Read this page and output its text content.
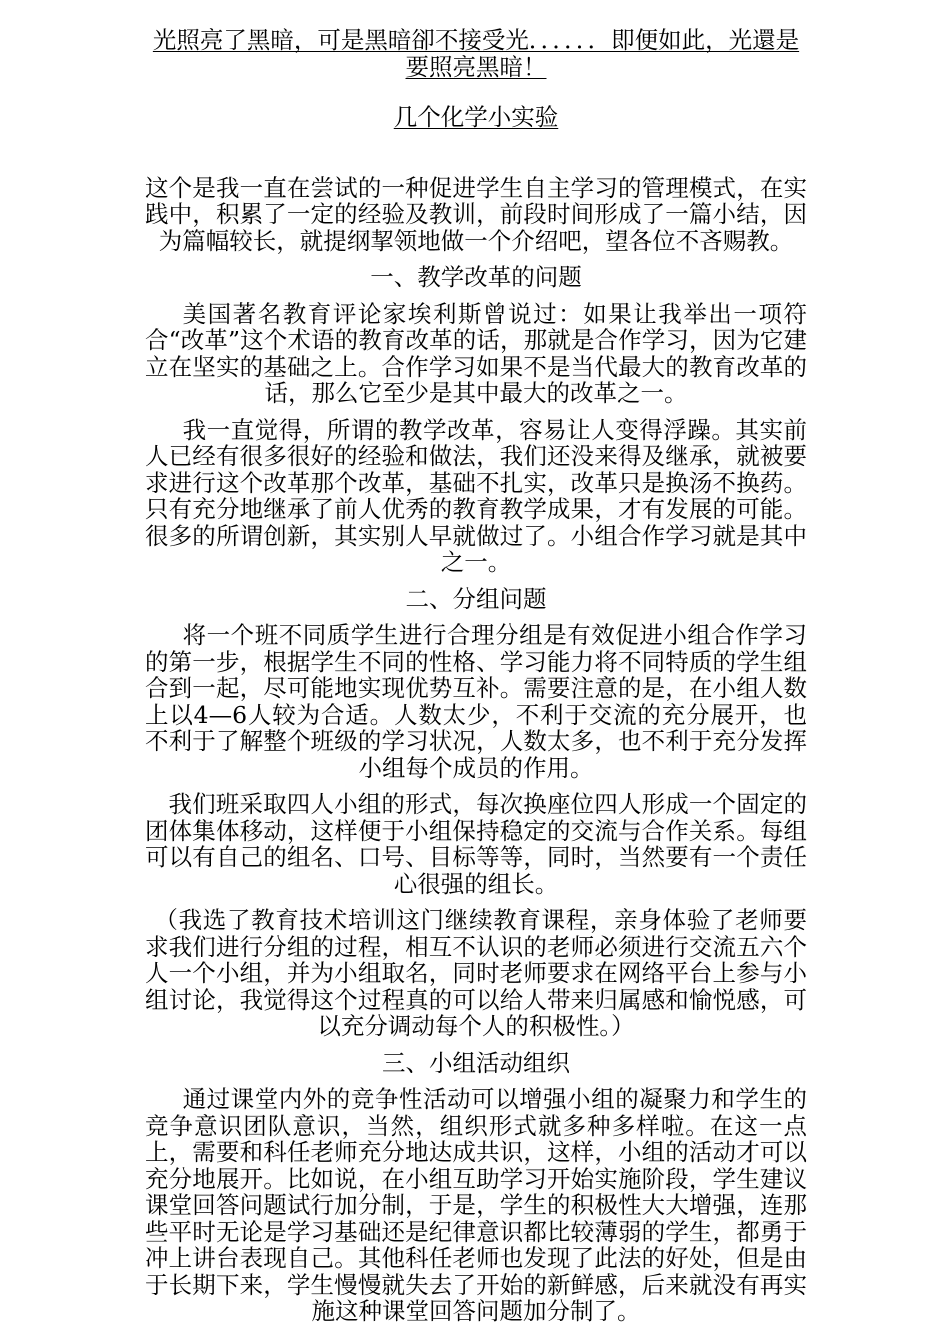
光照亮了黑暗，可是黑暗卻不接受光．．．．．．即便如此，光還是要照亮黑暗！
几个化学小实验
这个是我一直在尝试的一种促进学生自主学习的管理模式，在实践中，积累了一定的经验及教训，前段时间形成了一篇小结，因为篇幅较长，就提纲挈领地做一个介绍吧，望各位不吝赐教。
一、教学改革的问题
美国著名教育评论家埃利斯曾说过：如果让我举出一项符合“改革”这个术语的教育改革的话，那就是合作学习，因为它建立在坚实的基础之上。合作学习如果不是当代最大的教育改革的话，那么它至少是其中最大的改革之一。
我一直觉得，所谓的教学改革，容易让人变得浮躁。其实前人已经有很多很好的经验和做法，我们还没来得及继承，就被要求进行这个改革那个改革，基础不扎实，改革只是换汤不换药。只有充分地继承了前人优秀的教育教学成果，才有发展的可能。很多的所谓创新，其实别人早就做过了。小组合作学习就是其中之一。
二、分组问题
将一个班不同质学生进行合理分组是有效促进小组合作学习的第一步，根据学生不同的性格、学习能力将不同特质的学生组合到一起，尽可能地实现优势互补。需要注意的是，在小组人数上以4—6人较为合适。人数太少，不利于交流的充分展开，也不利于了解整个班级的学习状况，人数太多，也不利于充分发挥小组每个成员的作用。
我们班采取四人小组的形式，每次换座位四人形成一个固定的团体集体移动，这样便于小组保持稳定的交流与合作关系。每组可以有自己的组名、口号、目标等等，同时，当然要有一个责任心很强的组长。
（我选了教育技术培训这门继续教育课程，亲身体验了老师要求我们进行分组的过程，相互不认识的老师必须进行交流五六个人一个小组，并为小组取名，同时老师要求在网络平台上参与小组讨论，我觉得这个过程真的可以给人带来归属感和愉悦感，可以充分调动每个人的积极性。）
三、小组活动组织
通过课堂内外的竞争性活动可以增强小组的凝聚力和学生的竞争意识团队意识，当然，组织形式就多种多样啦。在这一点上，需要和科任老师充分地达成共识，这样，小组的活动才可以充分地展开。比如说，在小组互助学习开始实施阶段，学生建议课堂回答问题试行加分制，于是，学生的积极性大大增强，连那些平时无论是学习基础还是纪律意识都比较薄弱的学生，都勇于冲上讲台表现自己。其他科任老师也发现了此法的好处，但是由于长期下来，学生慢慢就失去了开始的新鲜感，后来就没有再实施这种课堂回答问题加分制了。
